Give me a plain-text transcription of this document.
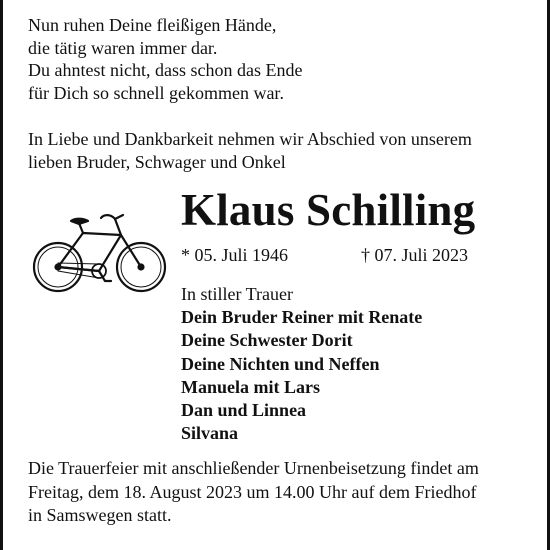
Nun ruhen Deine fleißigen Hände,
die tätig waren immer dar.
Du ahntest nicht, dass schon das Ende
für Dich so schnell gekommen war.
In Liebe und Dankbarkeit nehmen wir Abschied von unserem
lieben Bruder, Schwager und Onkel
Klaus Schilling
* 05. Juli 1946	† 07. Juli 2023
In stiller Trauer
Dein Bruder Reiner mit Renate
Deine Schwester Dorit
Deine Nichten und Neffen
Manuela mit Lars
Dan und Linnea
Silvana
Die Trauerfeier mit anschließender Urnenbeisetzung findet am
Freitag, dem 18. August 2023 um 14.00 Uhr auf dem Friedhof
in Samswegen statt.
